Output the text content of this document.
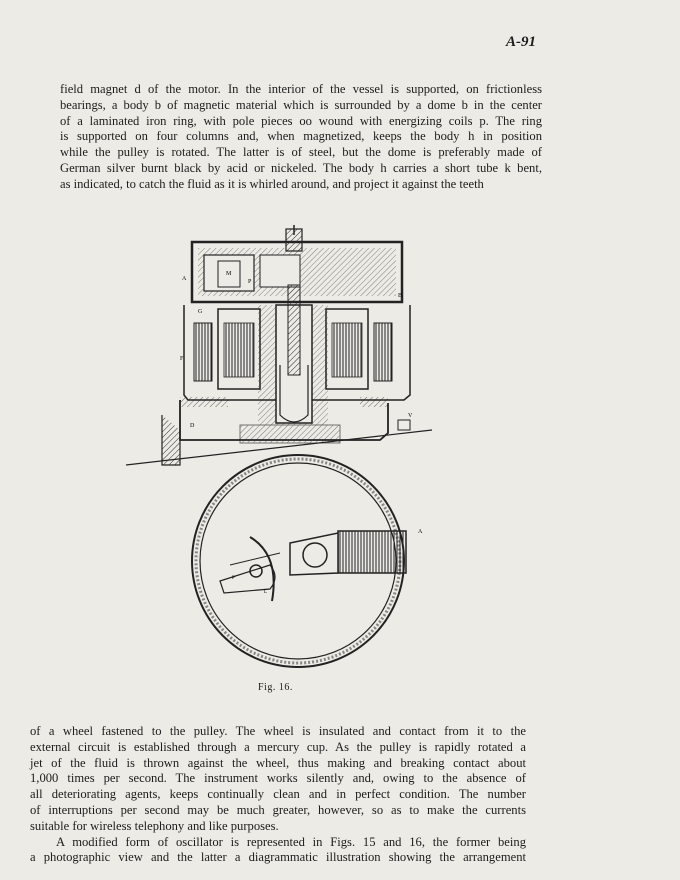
A-91
field magnet d of the motor. In the interior of the vessel is supported, on frictionless
bearings, a body b of magnetic material which is surrounded by a dome b in the center
of a laminated iron ring, with pole pieces oo wound with energizing coils p. The ring
is supported on four columns and, when magnetized, keeps the body h in position
while the pulley is rotated. The latter is of steel, but the dome is preferably made of
German silver burnt black by acid or nickeled. The body h carries a short tube k bent,
as indicated, to catch the fluid as it is whirled around, and project it against the teeth
A
G
F
D
B
V
P
M
A
P
L
Fig. 16.
of a wheel fastened to the pulley. The wheel is insulated and contact from it to the
external circuit is established through a mercury cup. As the pulley is rapidly rotated a
jet of the fluid is thrown against the wheel, thus making and breaking contact about
1,000 times per second. The instrument works silently and, owing to the absence of
all deteriorating agents, keeps continually clean and in perfect condition. The number
of interruptions per second may be much greater, however, so as to make the currents
suitable for wireless telephony and like purposes.
A modified form of oscillator is represented in Figs. 15 and 16, the former being
a photographic view and the latter a diagrammatic illustration showing the arrangement
